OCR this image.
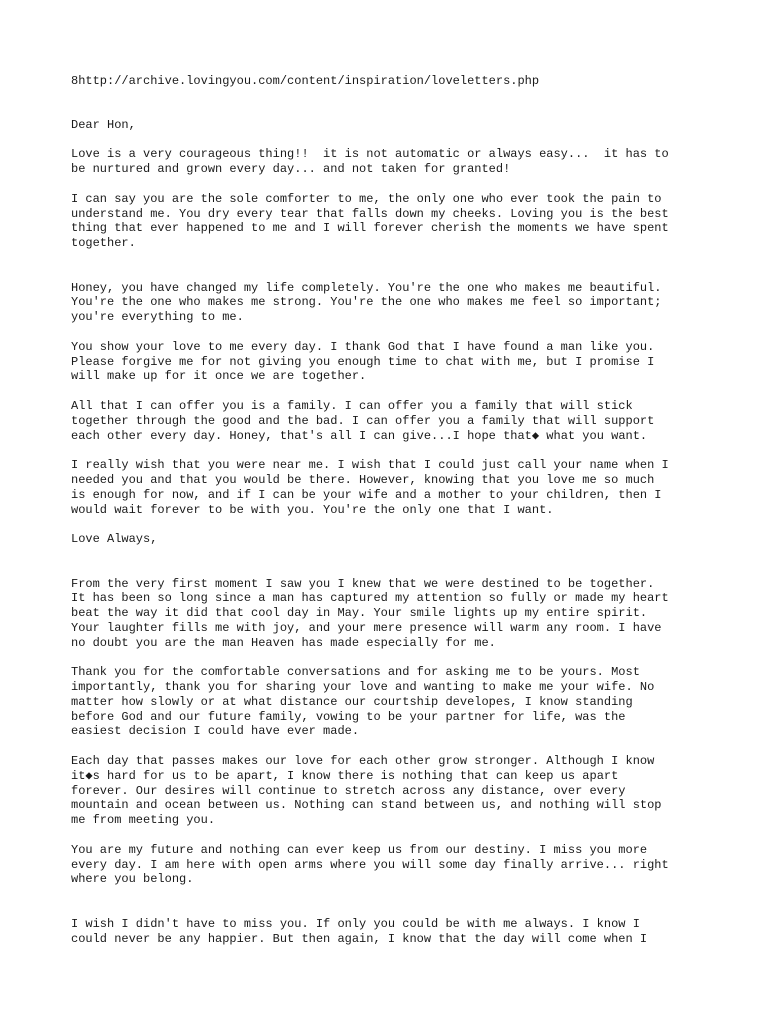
8http://archive.lovingyou.com/content/inspiration/loveletters.php
Dear Hon,
Love is a very courageous thing!!  it is not automatic or always easy...  it has to
be nurtured and grown every day... and not taken for granted!
I can say you are the sole comforter to me, the only one who ever took the pain to
understand me. You dry every tear that falls down my cheeks. Loving you is the best
thing that ever happened to me and I will forever cherish the moments we have spent
together.
Honey, you have changed my life completely. You're the one who makes me beautiful.
You're the one who makes me strong. You're the one who makes me feel so important;
you're everything to me.
You show your love to me every day. I thank God that I have found a man like you.
Please forgive me for not giving you enough time to chat with me, but I promise I
will make up for it once we are together.
All that I can offer you is a family. I can offer you a family that will stick
together through the good and the bad. I can offer you a family that will support
each other every day. Honey, that's all I can give...I hope that◆ what you want.
I really wish that you were near me. I wish that I could just call your name when I
needed you and that you would be there. However, knowing that you love me so much
is enough for now, and if I can be your wife and a mother to your children, then I
would wait forever to be with you. You're the only one that I want.
Love Always,
From the very first moment I saw you I knew that we were destined to be together.
It has been so long since a man has captured my attention so fully or made my heart
beat the way it did that cool day in May. Your smile lights up my entire spirit.
Your laughter fills me with joy, and your mere presence will warm any room. I have
no doubt you are the man Heaven has made especially for me.
Thank you for the comfortable conversations and for asking me to be yours. Most
importantly, thank you for sharing your love and wanting to make me your wife. No
matter how slowly or at what distance our courtship developes, I know standing
before God and our future family, vowing to be your partner for life, was the
easiest decision I could have ever made.
Each day that passes makes our love for each other grow stronger. Although I know
it◆s hard for us to be apart, I know there is nothing that can keep us apart
forever. Our desires will continue to stretch across any distance, over every
mountain and ocean between us. Nothing can stand between us, and nothing will stop
me from meeting you.
You are my future and nothing can ever keep us from our destiny. I miss you more
every day. I am here with open arms where you will some day finally arrive... right
where you belong.
I wish I didn't have to miss you. If only you could be with me always. I know I
could never be any happier. But then again, I know that the day will come when I
